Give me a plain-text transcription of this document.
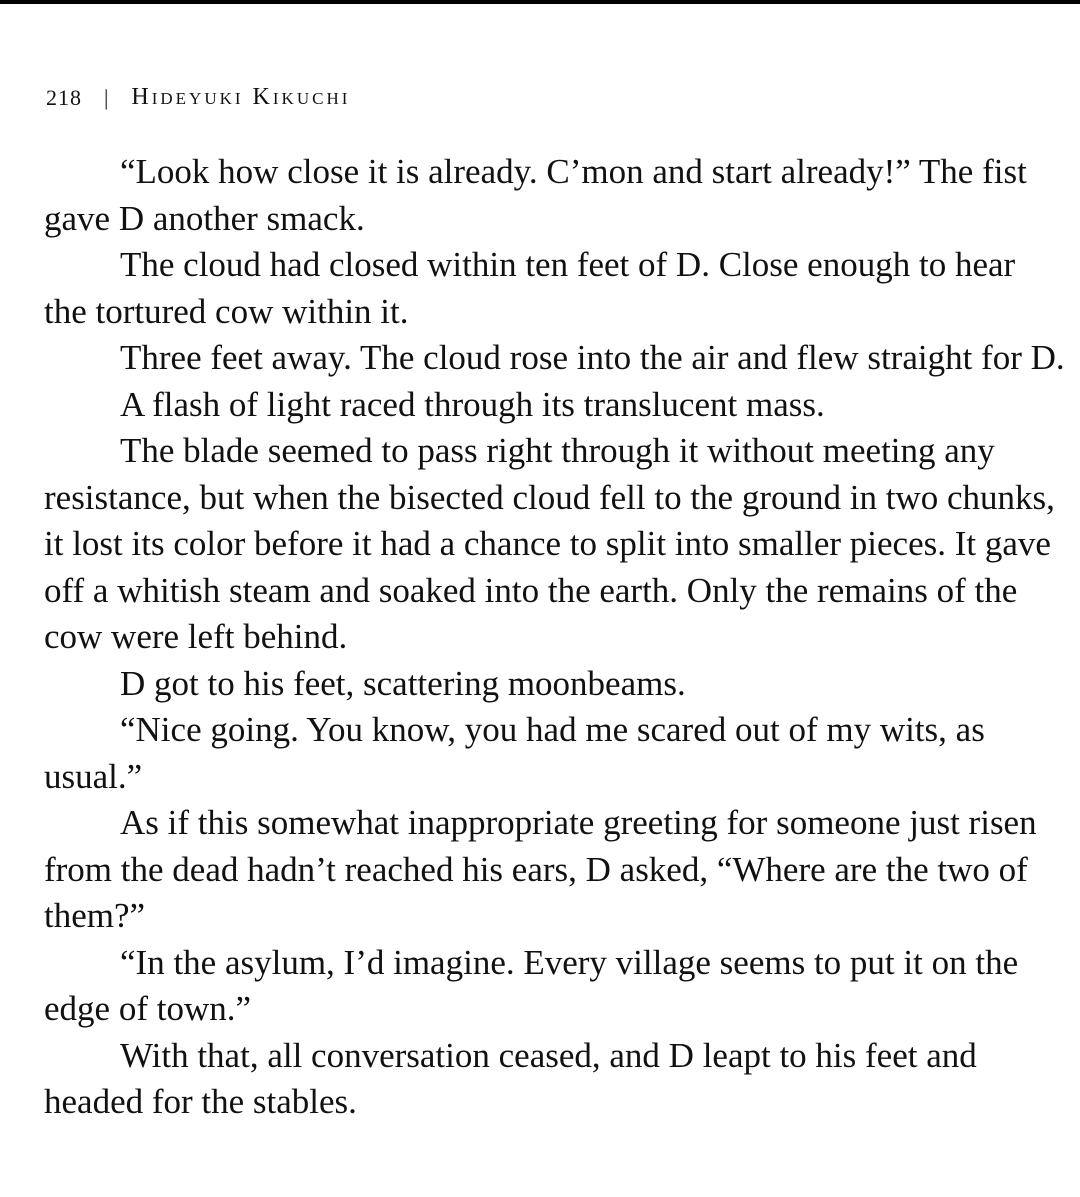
218 | Hideyuki Kikuchi

“Look how close it is already. C’mon and start already!” The fist gave D another smack.

The cloud had closed within ten feet of D. Close enough to hear the tortured cow within it.

Three feet away. The cloud rose into the air and flew straight for D.

A flash of light raced through its translucent mass.

The blade seemed to pass right through it without meeting any resistance, but when the bisected cloud fell to the ground in two chunks, it lost its color before it had a chance to split into smaller pieces. It gave off a whitish steam and soaked into the earth. Only the remains of the cow were left behind.

D got to his feet, scattering moonbeams.

“Nice going. You know, you had me scared out of my wits, as usual.”

As if this somewhat inappropriate greeting for someone just risen from the dead hadn’t reached his ears, D asked, “Where are the two of them?”

“In the asylum, I’d imagine. Every village seems to put it on the edge of town.”

With that, all conversation ceased, and D leapt to his feet and headed for the stables.
